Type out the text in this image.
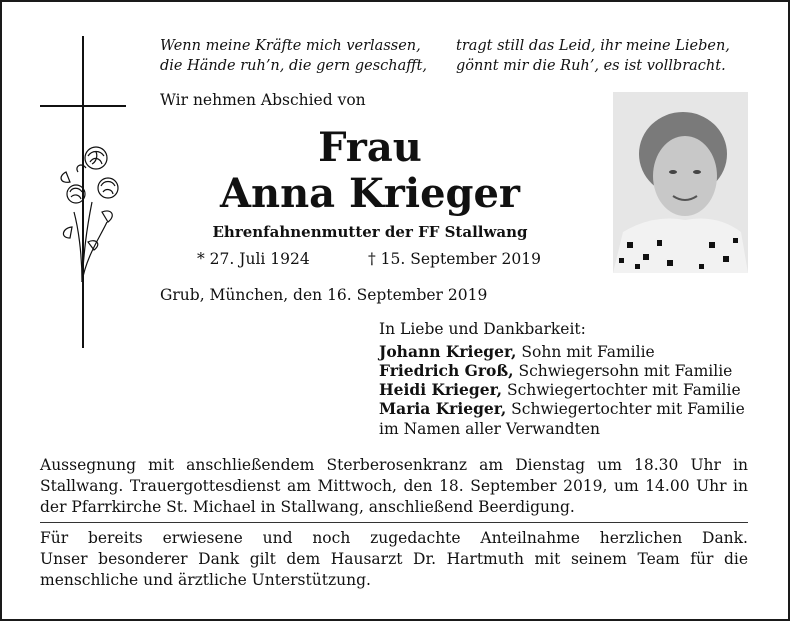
Wenn meine Kräfte mich verlassen,
die Hände ruh’n, die gern geschafft,
tragt still das Leid, ihr meine Lieben,
gönnt mir die Ruh’, es ist vollbracht.
Wir nehmen Abschied von
Frau
Anna Krieger
Ehrenfahnenmutter der FF Stallwang
* 27. Juli 1924	† 15. September 2019
Grub, München, den 16. September 2019
In Liebe und Dankbarkeit:
Johann Krieger, Sohn mit Familie
Friedrich Groß, Schwiegersohn mit Familie
Heidi Krieger, Schwiegertochter mit Familie
Maria Krieger, Schwiegertochter mit Familie
im Namen aller Verwandten
Aussegnung mit anschließendem Sterberosenkranz am Dienstag um 18.30 Uhr in
Stallwang. Trauergottesdienst am Mittwoch, den 18. September 2019, um 14.00 Uhr in
der Pfarrkirche St. Michael in Stallwang, anschließend Beerdigung.
Für bereits erwiesene und noch zugedachte Anteilnahme herzlichen Dank.
Unser besonderer Dank gilt dem Hausarzt Dr. Hartmuth mit seinem Team für die
menschliche und ärztliche Unterstützung.
